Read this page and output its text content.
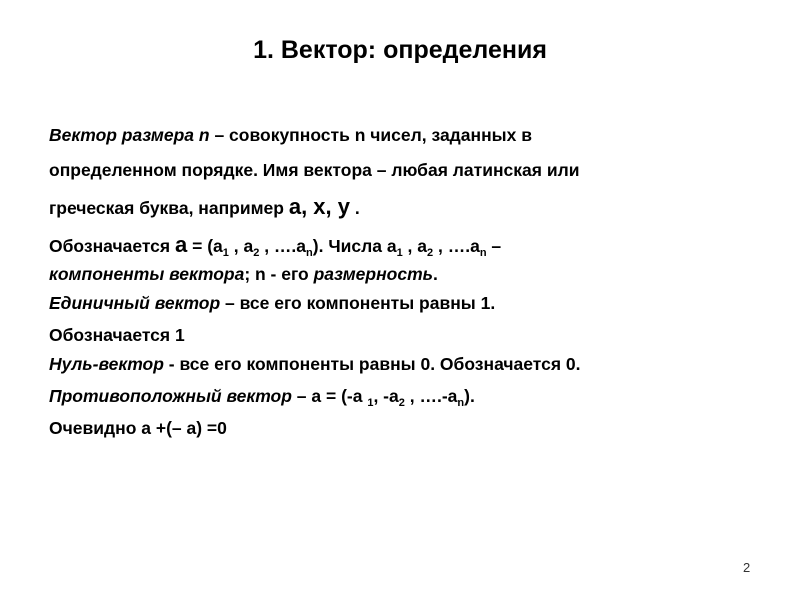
1. Вектор: определения
Вектор размера n – совокупность n чисел, заданных в
определенном порядке. Имя вектора – любая латинская или
греческая буква, например a, x, y .
Обозначается $a = (a_1$ , $a_2$ , $\dots.a_n$). Числа $a_1$ , $a_2$ , $\dots.a_n$ –
компоненты вектора; n - его размерность.
Единичный вектор – все его компоненты равны 1.
Обозначается 1
Нуль-вектор - все его компоненты равны 0. Обозначается 0.
Противоположный вектор – a = (-a $_1$, $-a_2$ , $\dots.-a_n$).
Очевидно a +(– a) =0
2
